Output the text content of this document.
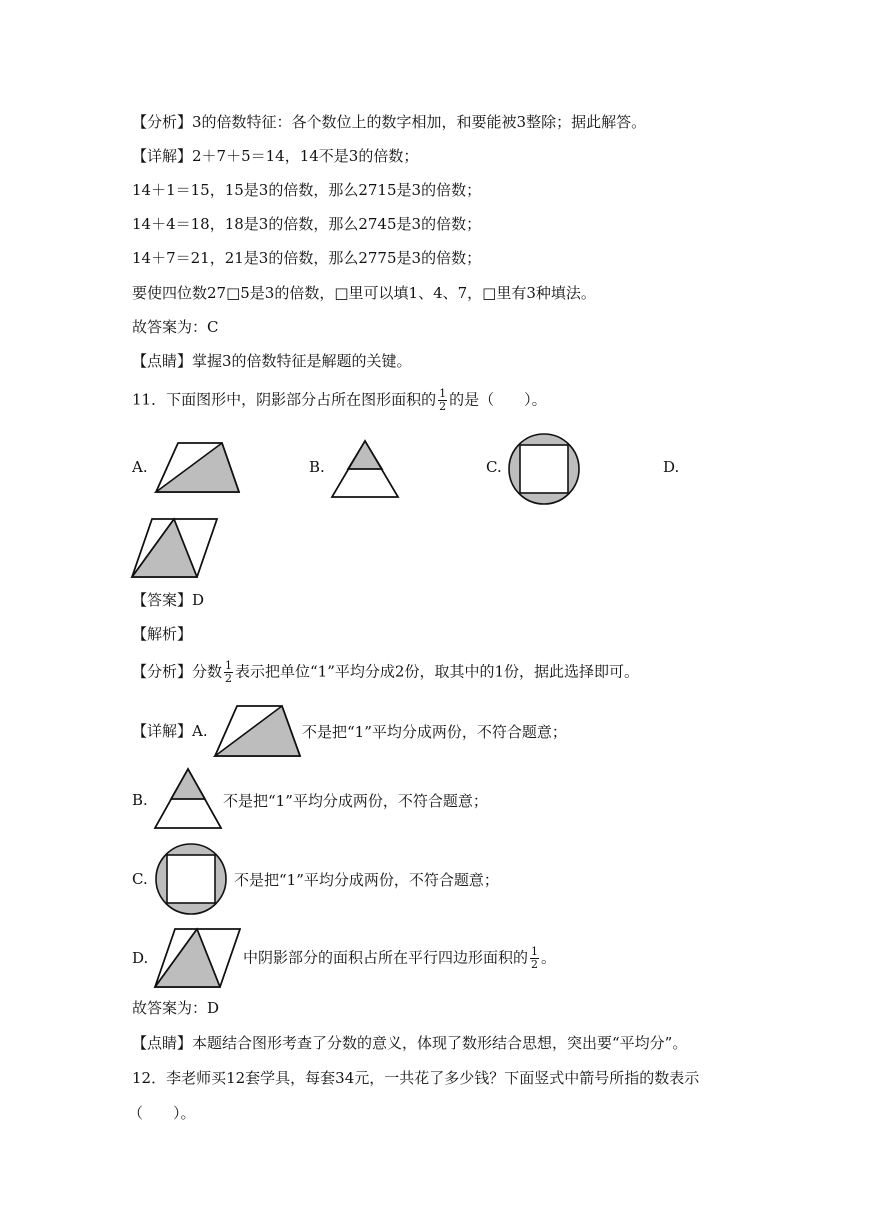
【分析】3的倍数特征：各个数位上的数字相加，和要能被3整除；据此解答。
【详解】2＋7＋5＝14，14不是3的倍数；
14＋1＝15，15是3的倍数，那么2715是3的倍数；
14＋4＝18，18是3的倍数，那么2745是3的倍数；
14＋7＝21，21是3的倍数，那么2775是3的倍数；
要使四位数27□5是3的倍数，□里可以填1、4、7，□里有3种填法。
故答案为：C
【点睛】掌握3的倍数特征是解题的关键。
11．下面图形中，阴影部分占所在图形面积的 $\frac{1}{2}$ 的是（　　）。
A.	B.	C.	D.
【答案】D
【解析】
【分析】分数 $\frac{1}{2}$ 表示把单位“1”平均分成2份，取其中的1份，据此选择即可。
【详解】A.	不是把“1”平均分成两份，不符合题意；
B.	不是把“1”平均分成两份，不符合题意；
C.	不是把“1”平均分成两份，不符合题意；
D.	中阴影部分的面积占所在平行四边形面积的 $\frac{1}{2}$ 。
故答案为：D
【点睛】本题结合图形考查了分数的意义，体现了数形结合思想，突出要“平均分”。
12．李老师买12套学具，每套34元，一共花了多少钱？下面竖式中箭号所指的数表示
（　　）。
